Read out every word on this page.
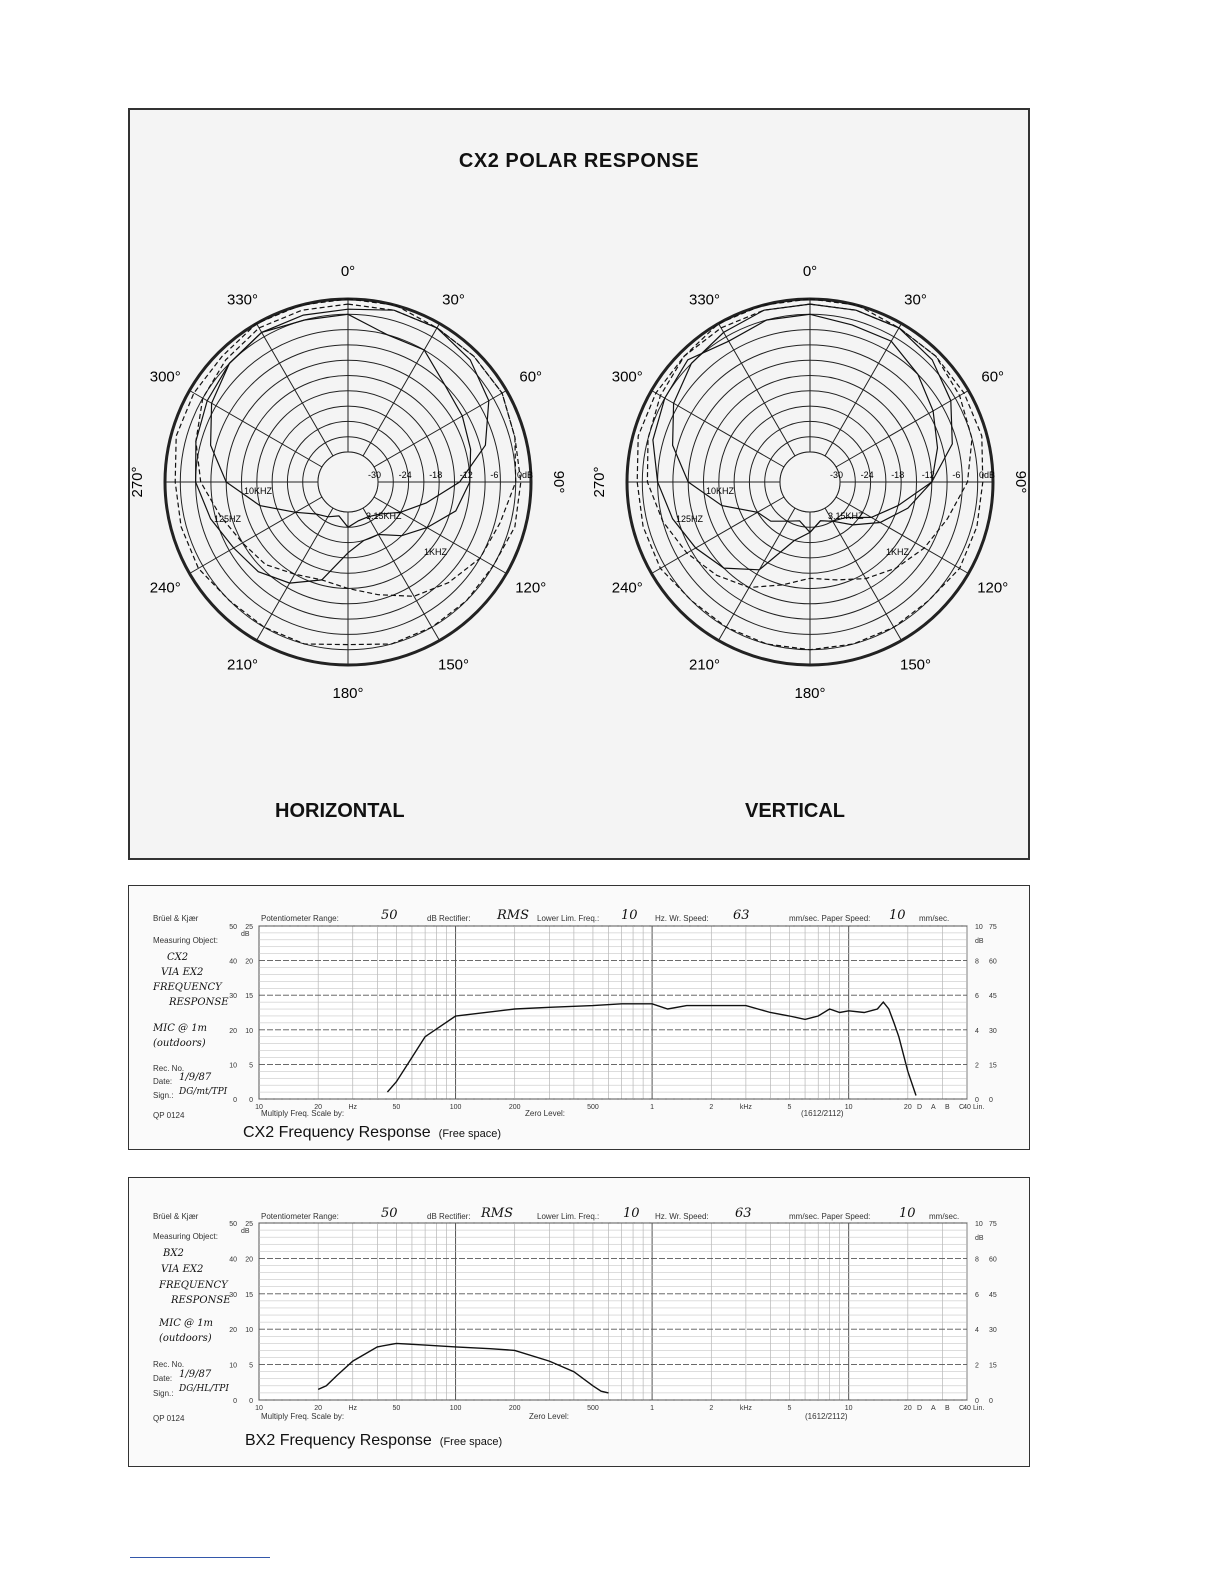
CX2 POLAR RESPONSE
0°
30°
60°
90°
120°
150°
180°
210°
240°
270°
300°
330°
-30 -24 -18 -12 -6 0dB
10KHZ
3.15KHZ
1KHZ
125HZ
0°
30°
60°
90°
120°
150°
180°
210°
240°
270°
300°
330°
-30 -24 -18 -12 -6 0dB
10KHZ
3.15KHZ
1KHZ
125HZ
HORIZONTAL	VERTICAL
50 25
40 20
30 15
20 10
10 5
0 0
dB
10 75
8 60
6 45
4 30
2 15
0 0
dB
10	20	50	100	200	500	1	2	kHz	5	10	20	40
Hz	D A B C Lin.
Brüel & Kjær
Measuring Object:
CX2
VIA EX2
FREQUENCY
RESPONSE
MIC @ 1m
(outdoors)
Rec. No.
Date: 1/9/87
Sign.: DG/mt/TPI
QP 0124
Potentiometer Range:	50	dB Rectifier: RMS Lower Lim. Freq.: 10 Hz. Wr. Speed: 63	mm/sec. Paper Speed: 10 mm/sec.
Multiply Freq. Scale by:	Zero Level:	(1612/2112)
CX2 Frequency Response (Free space)
50 25
40 20
30 15
20 10
10 5
0 0
dB
10 75
8 60
6 45
4 30
2 15
0 0
dB
10	20	50	100	200	500	1	2	kHz	5	10	20	40
Hz	D A B C Lin.
Brüel & Kjær
Measuring Object:
BX2
VIA EX2
FREQUENCY
RESPONSE
MIC @ 1m
(outdoors)
Rec. No.
Date: 1/9/87
Sign.: DG/HL/TPI
QP 0124
Potentiometer Range:	50	dB Rectifier: RMS	Lower Lim. Freq.: 10 Hz. Wr. Speed: 63	mm/sec. Paper Speed: 10 mm/sec.
Multiply Freq. Scale by:	Zero Level:	(1612/2112)
BX2 Frequency Response (Free space)
